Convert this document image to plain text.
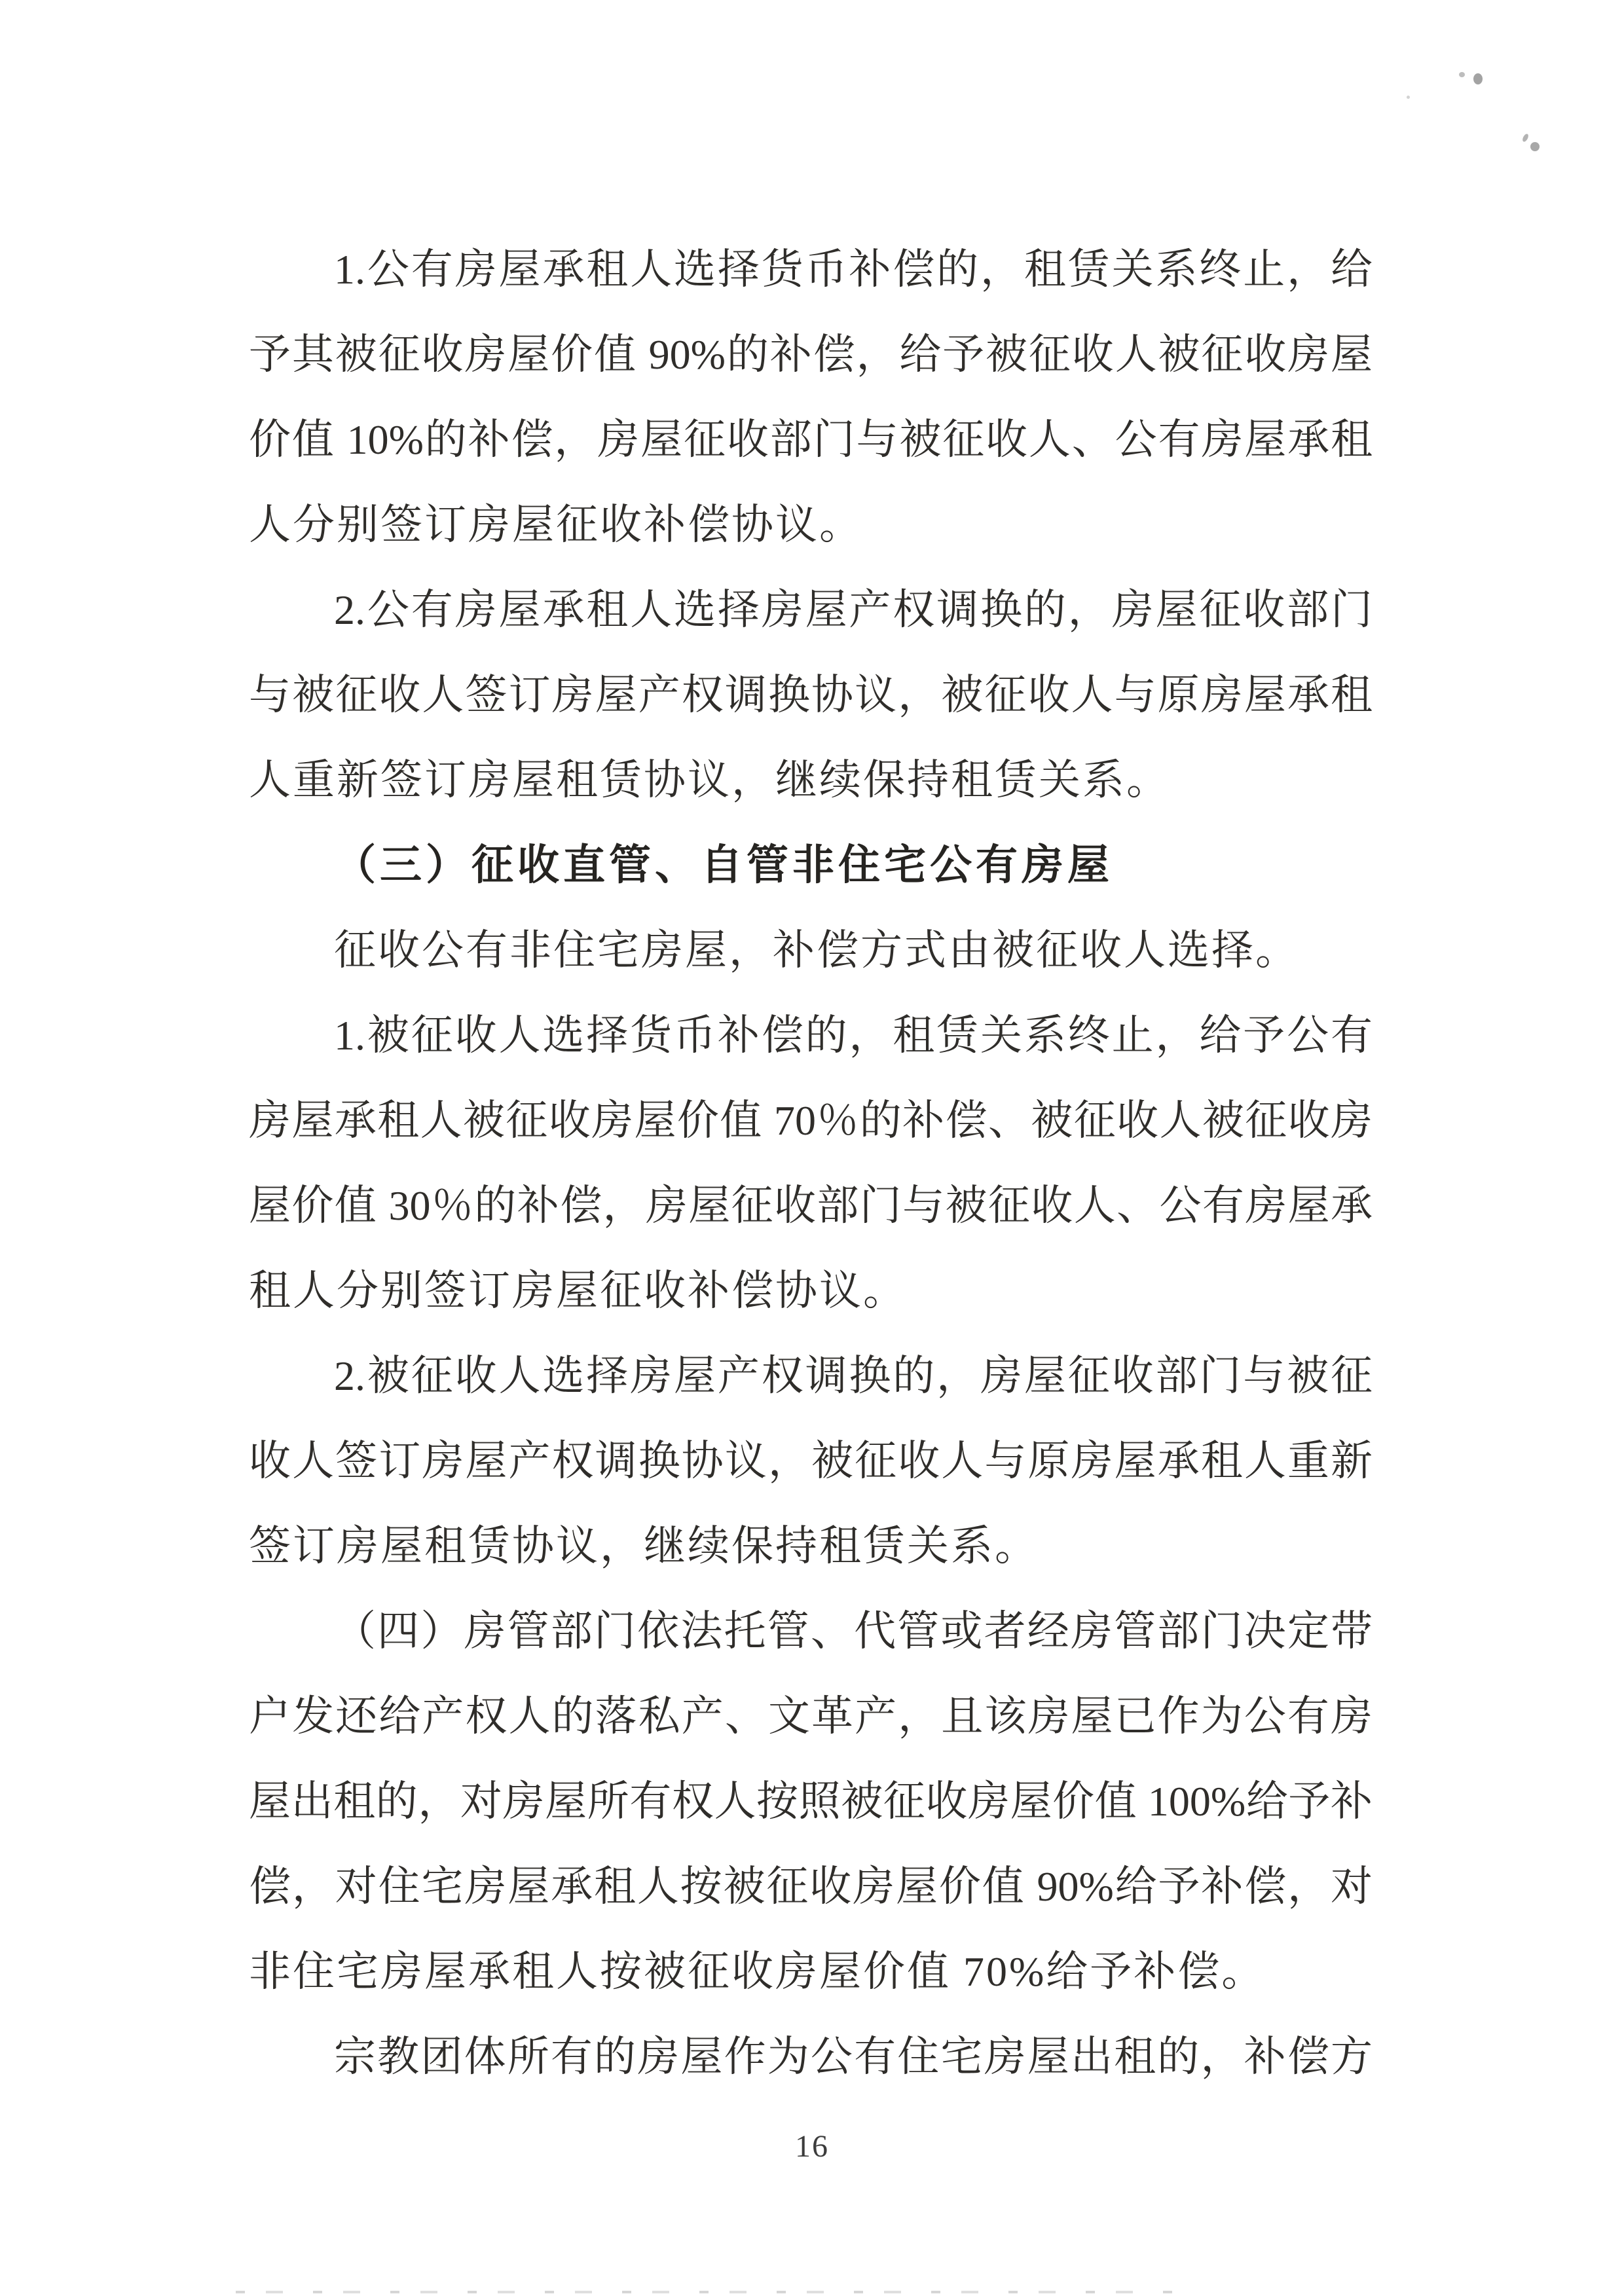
1.公有房屋承租人选择货币补偿的，租赁关系终止，给
予其被征收房屋价值 90%的补偿，给予被征收人被征收房屋
价值 10%的补偿，房屋征收部门与被征收人、公有房屋承租
人分别签订房屋征收补偿协议。
2.公有房屋承租人选择房屋产权调换的，房屋征收部门
与被征收人签订房屋产权调换协议，被征收人与原房屋承租
人重新签订房屋租赁协议，继续保持租赁关系。
（三）征收直管、自管非住宅公有房屋
征收公有非住宅房屋，补偿方式由被征收人选择。
1.被征收人选择货币补偿的，租赁关系终止，给予公有
房屋承租人被征收房屋价值 70％的补偿、被征收人被征收房
屋价值 30％的补偿，房屋征收部门与被征收人、公有房屋承
租人分别签订房屋征收补偿协议。
2.被征收人选择房屋产权调换的，房屋征收部门与被征
收人签订房屋产权调换协议，被征收人与原房屋承租人重新
签订房屋租赁协议，继续保持租赁关系。
（四）房管部门依法托管、代管或者经房管部门决定带
户发还给产权人的落私产、文革产，且该房屋已作为公有房
屋出租的，对房屋所有权人按照被征收房屋价值 100%给予补
偿，对住宅房屋承租人按被征收房屋价值 90%给予补偿，对
非住宅房屋承租人按被征收房屋价值 70%给予补偿。
宗教团体所有的房屋作为公有住宅房屋出租的，补偿方
16
